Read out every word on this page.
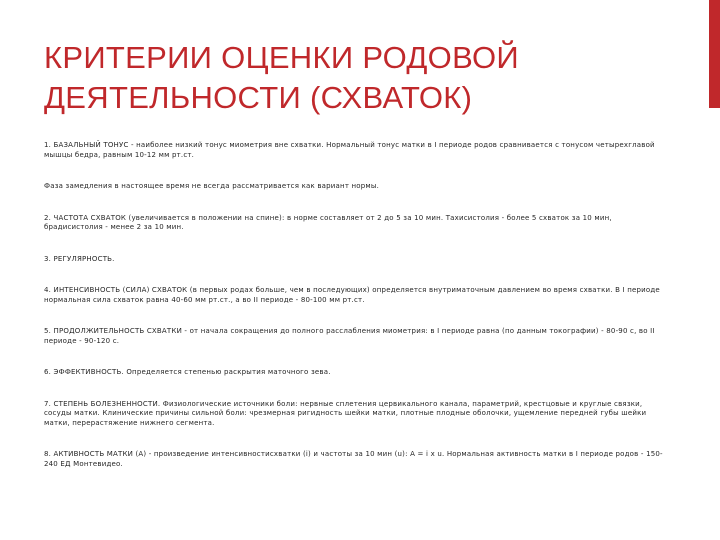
КРИТЕРИИ ОЦЕНКИ РОДОВОЙ
ДЕЯТЕЛЬНОСТИ (СХВАТОК)

1. БАЗАЛЬНЫЙ ТОНУС - наиболее низкий тонус миометрия вне схватки. Нормальный тонус матки в I периоде родов сравнивается с тонусом четырехглавой мышцы бедра, равным 10-12 мм рт.ст.

Фаза замедления в настоящее время не всегда рассматривается как вариант нормы.

2. ЧАСТОТА СХВАТОК (увеличивается в положении на спине): в норме составляет от 2 до 5 за 10 мин. Тахисистолия - более 5 схваток за 10 мин, брадисистолия - менее 2 за 10 мин.

3. РЕГУЛЯРНОСТЬ.

4. ИНТЕНСИВНОСТЬ (СИЛА) СХВАТОК (в первых родах больше, чем в последующих) определяется внутриматочным давлением во время схватки. В I периоде нормальная сила схваток равна 40-60 мм рт.ст., а во II периоде - 80-100 мм рт.ст.

5. ПРОДОЛЖИТЕЛЬНОСТЬ СХВАТКИ - от начала сокращения до полного расслабления миометрия: в I периоде равна (по данным токографии) - 80-90 с, во II периоде - 90-120 с.

6. ЭФФЕКТИВНОСТЬ. Определяется степенью раскрытия маточного зева.

7. СТЕПЕНЬ БОЛЕЗНЕННОСТИ. Физиологические источники боли: нервные сплетения цервикального канала, параметрий, крестцовые и круглые связки, сосуды матки. Клинические причины сильной боли: чрезмерная ригидность шейки матки, плотные плодные оболочки, ущемление передней губы шейки матки, перерастяжение нижнего сегмента.

8. АКТИВНОСТЬ МАТКИ (А) - произведение интенсивностисхватки (i) и частоты за 10 мин (u): A = i x u. Нормальная активность матки в I периоде родов - 150-240 ЕД Монтевидео.
